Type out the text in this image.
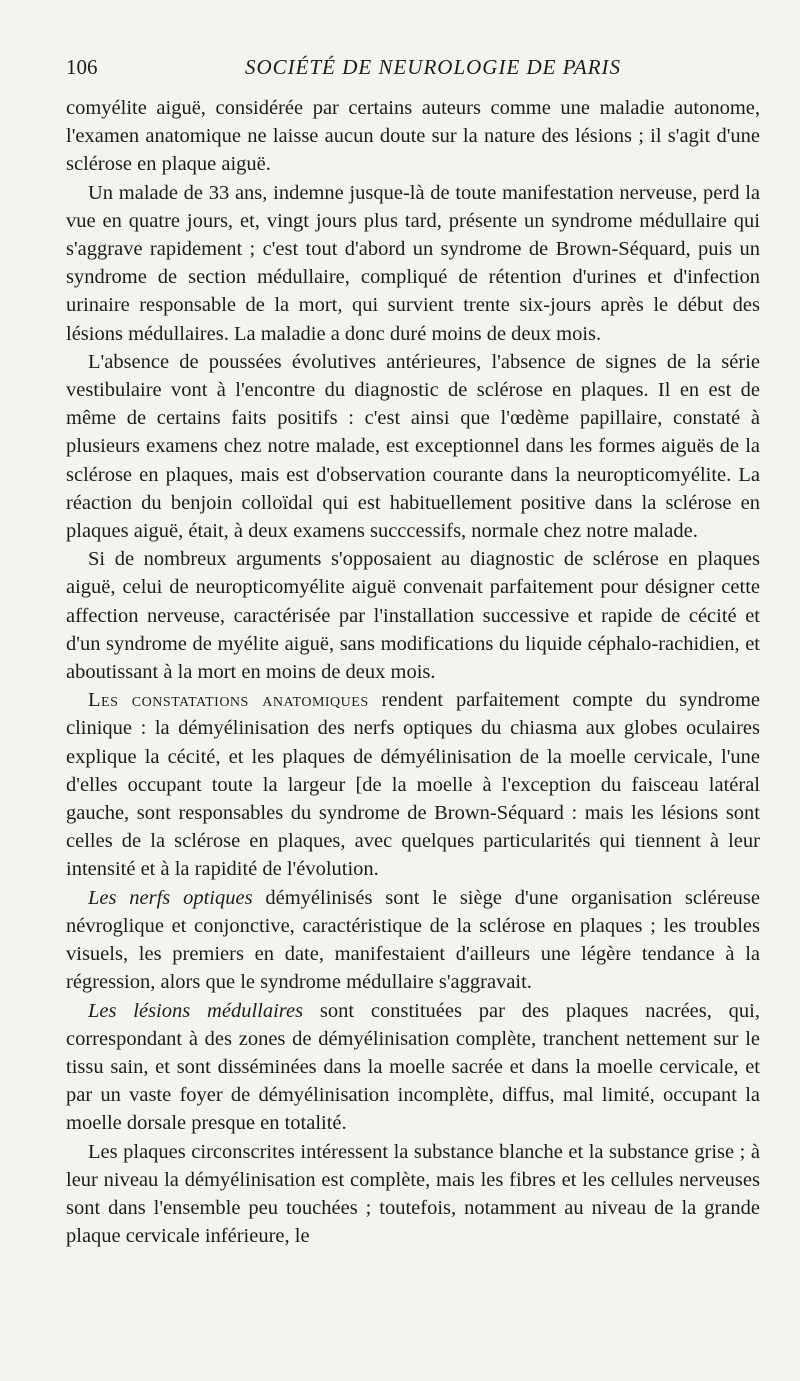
106	SOCIÉTÉ DE NEUROLOGIE DE PARIS

comyélite aiguë, considérée par certains auteurs comme une maladie autonome, l'examen anatomique ne laisse aucun doute sur la nature des lésions ; il s'agit d'une sclérose en plaque aiguë.

Un malade de 33 ans, indemne jusque-là de toute manifestation nerveuse, perd la vue en quatre jours, et, vingt jours plus tard, présente un syndrome médullaire qui s'aggrave rapidement ; c'est tout d'abord un syndrome de Brown-Séquard, puis un syndrome de section médullaire, compliqué de rétention d'urines et d'infection urinaire responsable de la mort, qui survient trente six-jours après le début des lésions médullaires. La maladie a donc duré moins de deux mois.

L'absence de poussées évolutives antérieures, l'absence de signes de la série vestibulaire vont à l'encontre du diagnostic de sclérose en plaques. Il en est de même de certains faits positifs : c'est ainsi que l'œdème papillaire, constaté à plusieurs examens chez notre malade, est exceptionnel dans les formes aiguës de la sclérose en plaques, mais est d'observation courante dans la neuropticomyélite. La réaction du benjoin colloïdal qui est habituellement positive dans la sclérose en plaques aiguë, était, à deux examens succcessifs, normale chez notre malade.

Si de nombreux arguments s'opposaient au diagnostic de sclérose en plaques aiguë, celui de neuropticomyélite aiguë convenait parfaitement pour désigner cette affection nerveuse, caractérisée par l'installation successive et rapide de cécité et d'un syndrome de myélite aiguë, sans modifications du liquide céphalo-rachidien, et aboutissant à la mort en moins de deux mois.

Les constatations anatomiques rendent parfaitement compte du syndrome clinique : la démyélinisation des nerfs optiques du chiasma aux globes oculaires explique la cécité, et les plaques de démyélinisation de la moelle cervicale, l'une d'elles occupant toute la largeur [de la moelle à l'exception du faisceau latéral gauche, sont responsables du syndrome de Brown-Séquard : mais les lésions sont celles de la sclérose en plaques, avec quelques particularités qui tiennent à leur intensité et à la rapidité de l'évolution.

Les nerfs optiques démyélinisés sont le siège d'une organisation scléreuse névroglique et conjonctive, caractéristique de la sclérose en plaques ; les troubles visuels, les premiers en date, manifestaient d'ailleurs une légère tendance à la régression, alors que le syndrome médullaire s'aggravait.

Les lésions médullaires sont constituées par des plaques nacrées, qui, correspondant à des zones de démyélinisation complète, tranchent nettement sur le tissu sain, et sont disséminées dans la moelle sacrée et dans la moelle cervicale, et par un vaste foyer de démyélinisation incomplète, diffus, mal limité, occupant la moelle dorsale presque en totalité.

Les plaques circonscrites intéressent la substance blanche et la substance grise ; à leur niveau la démyélinisation est complète, mais les fibres et les cellules nerveuses sont dans l'ensemble peu touchées ; toutefois, notamment au niveau de la grande plaque cervicale inférieure, le
